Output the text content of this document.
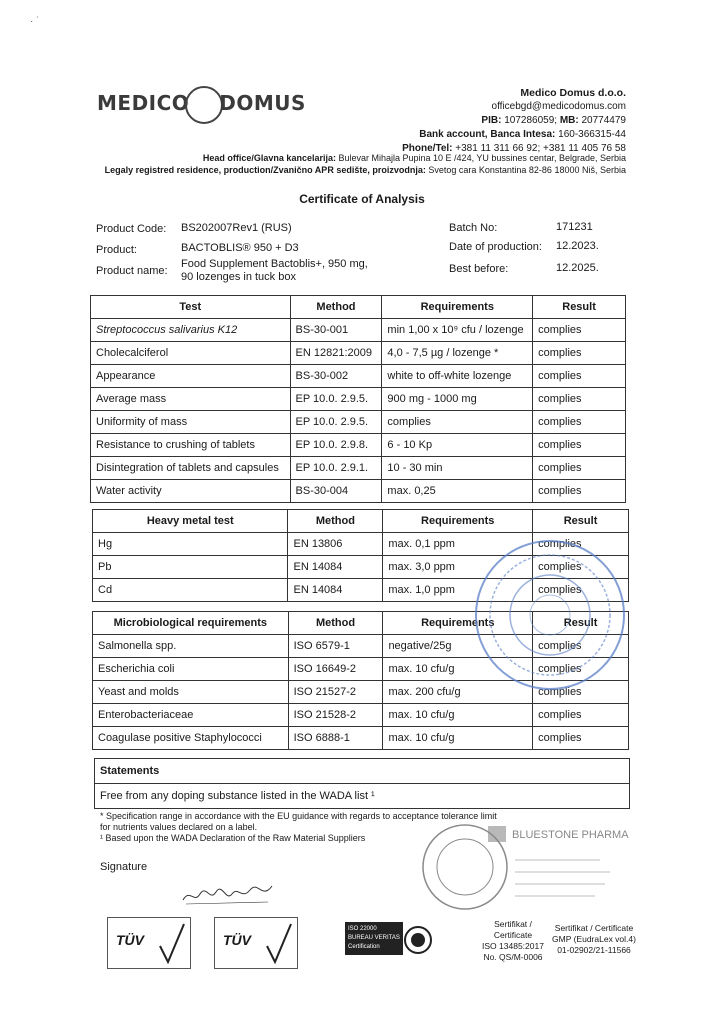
· ˙
MEDICO DOMUS	Medico Domus d.o.o.
officebgd@medicodomus.com
PIB: 107286059; MB: 20774479
Bank account, Banca Intesa: 160-366315-44
Phone/Tel: +381 11 311 66 92; +381 11 405 76 58
Head office/Glavna kancelarija: Bulevar Mihajla Pupina 10 E /424, YU bussines centar, Belgrade, Serbia
Legaly registred residence, production/Zvanično APR sedište, proizvodnja: Svetog cara Konstantina 82-86 18000 Niš, Serbia
Certificate of Analysis
Product Code: BS202007Rev1 (RUS)
Product:	BACTOBLIS® 950 + D3
Product name:
Food Supplement Bactoblis+, 950 mg,
90 lozenges in tuck box
Batch No:	171231
Date of production: 12.2023.
Best before:	12.2025.
Test	Method	Requirements	Result
Streptococcus salivarius K12	BS-30-001	min 1,00 x 10⁹ cfu / lozenge	complies
Cholecalciferol	EN 12821:2009	4,0 - 7,5 µg / lozenge *	complies
Appearance	BS-30-002	white to off-white lozenge	complies
Average mass	EP 10.0. 2.9.5.	900 mg - 1000 mg	complies
Uniformity of mass	EP 10.0. 2.9.5.	complies	complies
Resistance to crushing of tablets	EP 10.0. 2.9.8.	6 - 10 Kp	complies
Disintegration of tablets and capsules	EP 10.0. 2.9.1.	10 - 30 min	complies
Water activity	BS-30-004	max. 0,25	complies
Heavy metal test	Method	Requirements	Result
Hg	EN 13806	max. 0,1 ppm	complies
Pb	EN 14084	max. 3,0 ppm	complies
Cd	EN 14084	max. 1,0 ppm	complies
Microbiological requirements	Method	Requirements	Result
Salmonella spp.	ISO 6579-1	negative/25g	complies
Escherichia coli	ISO 16649-2	max. 10 cfu/g	complies
Yeast and molds	ISO 21527-2	max. 200 cfu/g	complies
Enterobacteriaceae	ISO 21528-2	max. 10 cfu/g	complies
Coagulase positive Staphylococci	ISO 6888-1	max. 10 cfu/g	complies
Statements
Free from any doping substance listed in the WADA list ¹
* Specification range in accordance with the EU guidance with regards to acceptance tolerance limit
for nutrients values declared on a label.
¹ Based upon the WADA Declaration of the Raw Material Suppliers
Signature
BLUESTONE PHARMA
TÜV	TÜV
ISO 22000
BUREAU VERITAS
Certification
Sertifikat /
Certificate
ISO 13485:2017
No. QS/M-0006
Sertifikat / Certificate
GMP (EudraLex vol.4)
01-02902/21-11566
